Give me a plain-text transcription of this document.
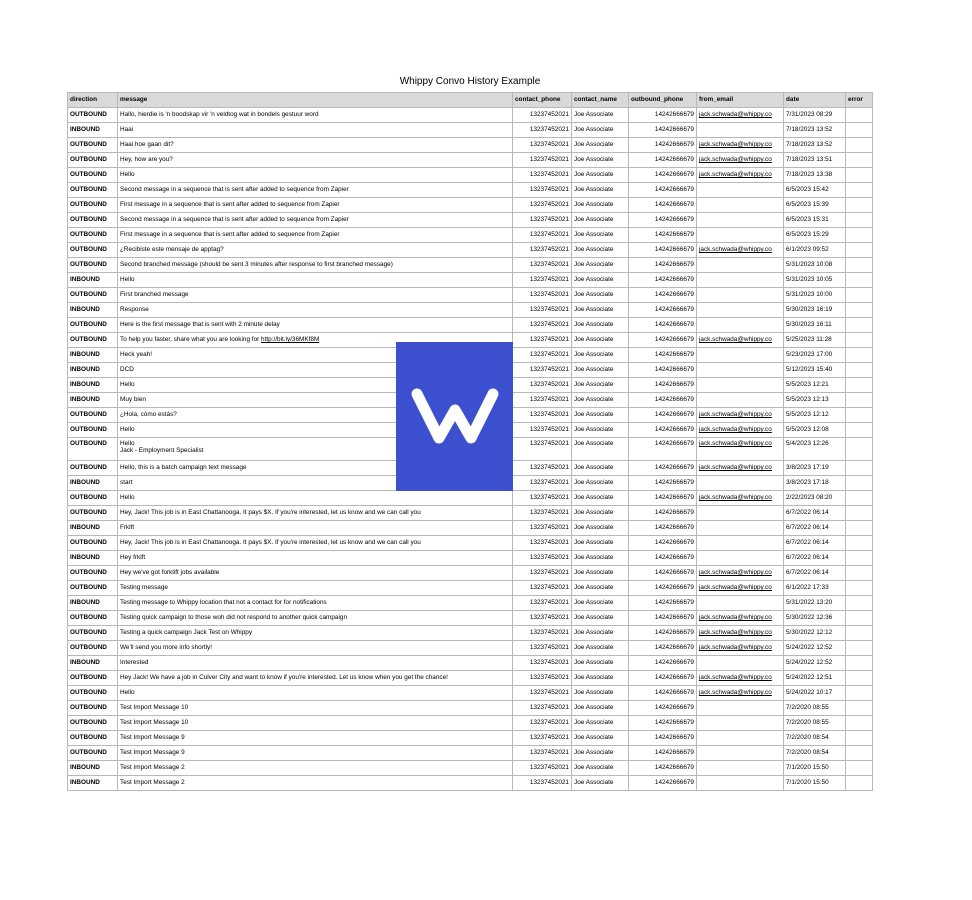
Whippy Convo History Example
direction	message	contact_phone	contact_name	outbound_phone	from_email	date	error
OUTBOUND	Hallo, hierdie is 'n boodskap vir 'n veldtog wat in bondels gestuur word	13237452021	Joe Associate	14242666679	jack.schwada@whippy.co	7/31/2023 08:29	
INBOUND	Haai	13237452021	Joe Associate	14242666679		7/18/2023 13:52	
OUTBOUND	Haai hoe gaan dit?	13237452021	Joe Associate	14242666679	jack.schwada@whippy.co	7/18/2023 13:52	
OUTBOUND	Hey, how are you?	13237452021	Joe Associate	14242666679	jack.schwada@whippy.co	7/18/2023 13:51	
OUTBOUND	Hello	13237452021	Joe Associate	14242666679	jack.schwada@whippy.co	7/18/2023 13:38	
OUTBOUND	Second message in a sequence that is sent after added to sequence from Zapier	13237452021	Joe Associate	14242666679		6/5/2023 15:42	
OUTBOUND	First message in a sequence that is sent after added to sequence from Zapier	13237452021	Joe Associate	14242666679		6/5/2023 15:39	
OUTBOUND	Second message in a sequence that is sent after added to sequence from Zapier	13237452021	Joe Associate	14242666679		6/5/2023 15:31	
OUTBOUND	First message in a sequence that is sent after added to sequence from Zapier	13237452021	Joe Associate	14242666679		6/5/2023 15:29	
OUTBOUND	¿Recibiste este mensaje de apptag?	13237452021	Joe Associate	14242666679	jack.schwada@whippy.co	6/1/2023 09:52	
OUTBOUND	Second branched message (should be sent 3 minutes after response to first branched message)	13237452021	Joe Associate	14242666679		5/31/2023 10:08	
INBOUND	Hello	13237452021	Joe Associate	14242666679		5/31/2023 10:05	
OUTBOUND	First branched message	13237452021	Joe Associate	14242666679		5/31/2023 10:00	
INBOUND	Response	13237452021	Joe Associate	14242666679		5/30/2023 16:19	
OUTBOUND	Here is the first message that is sent with 2 minute delay	13237452021	Joe Associate	14242666679		5/30/2023 16:11	
OUTBOUND	To help you faster, share what you are looking for http://bit.ly/36MKf8M	13237452021	Joe Associate	14242666679	jack.schwada@whippy.co	5/25/2023 11:28	
INBOUND	Heck yeah!	13237452021	Joe Associate	14242666679		5/23/2023 17:00	
INBOUND	DCD	13237452021	Joe Associate	14242666679		5/12/2023 15:40	
INBOUND	Hello	13237452021	Joe Associate	14242666679		5/5/2023 12:21	
INBOUND	Muy bien	13237452021	Joe Associate	14242666679		5/5/2023 12:13	
OUTBOUND	¿Hola, cómo estás?	13237452021	Joe Associate	14242666679	jack.schwada@whippy.co	5/5/2023 12:12	
OUTBOUND	Hello	13237452021	Joe Associate	14242666679	jack.schwada@whippy.co	5/5/2023 12:08	
OUTBOUND	Hello
Jack - Employment Specialist	13237452021	Joe Associate	14242666679	jack.schwada@whippy.co	5/4/2023 12:26	
OUTBOUND	Hello, this is a batch campaign text message	13237452021	Joe Associate	14242666679	jack.schwada@whippy.co	3/8/2023 17:19	
INBOUND	start	13237452021	Joe Associate	14242666679		3/8/2023 17:18	
OUTBOUND	Hello	13237452021	Joe Associate	14242666679	jack.schwada@whippy.co	2/22/2023 08:20	
OUTBOUND	Hey, Jack! This job is in East Chattanooga. It pays $X. If you're interested, let us know and we can call you	13237452021	Joe Associate	14242666679		6/7/2022 06:14	
INBOUND	Frklft	13237452021	Joe Associate	14242666679		6/7/2022 06:14	
OUTBOUND	Hey, Jack! This job is in East Chattanooga. It pays $X. If you're interested, let us know and we can call you	13237452021	Joe Associate	14242666679		6/7/2022 06:14	
INBOUND	Hey frklft	13237452021	Joe Associate	14242666679		6/7/2022 06:14	
OUTBOUND	Hey we've got forklift jobs available	13237452021	Joe Associate	14242666679	jack.schwada@whippy.co	6/7/2022 06:14	
OUTBOUND	Testing message	13237452021	Joe Associate	14242666679	jack.schwada@whippy.co	6/1/2022 17:33	
INBOUND	Testing message to Whippy location that not a contact for for notifications	13237452021	Joe Associate	14242666679		5/31/2022 13:20	
OUTBOUND	Testing quick campaign to those woh did not respond to another quick campaign	13237452021	Joe Associate	14242666679	jack.schwada@whippy.co	5/30/2022 12:36	
OUTBOUND	Testing a quick campaign Jack Test on Whippy	13237452021	Joe Associate	14242666679	jack.schwada@whippy.co	5/30/2022 12:12	
OUTBOUND	We'll send you more info shortly!	13237452021	Joe Associate	14242666679	jack.schwada@whippy.co	5/24/2022 12:52	
INBOUND	Interested	13237452021	Joe Associate	14242666679		5/24/2022 12:52	
OUTBOUND	Hey Jack! We have a job in Culver City and want to know if you're interested. Let us know when you get the chance!	13237452021	Joe Associate	14242666679	jack.schwada@whippy.co	5/24/2022 12:51	
OUTBOUND	Hello	13237452021	Joe Associate	14242666679	jack.schwada@whippy.co	5/24/2022 10:17	
OUTBOUND	Test Import Message 10	13237452021	Joe Associate	14242666679		7/2/2020 08:55	
OUTBOUND	Test Import Message 10	13237452021	Joe Associate	14242666679		7/2/2020 08:55	
OUTBOUND	Test Import Message 9	13237452021	Joe Associate	14242666679		7/2/2020 08:54	
OUTBOUND	Test Import Message 9	13237452021	Joe Associate	14242666679		7/2/2020 08:54	
INBOUND	Test Import Message 2	13237452021	Joe Associate	14242666679		7/1/2020 15:50	
INBOUND	Test Import Message 2	13237452021	Joe Associate	14242666679		7/1/2020 15:50	
